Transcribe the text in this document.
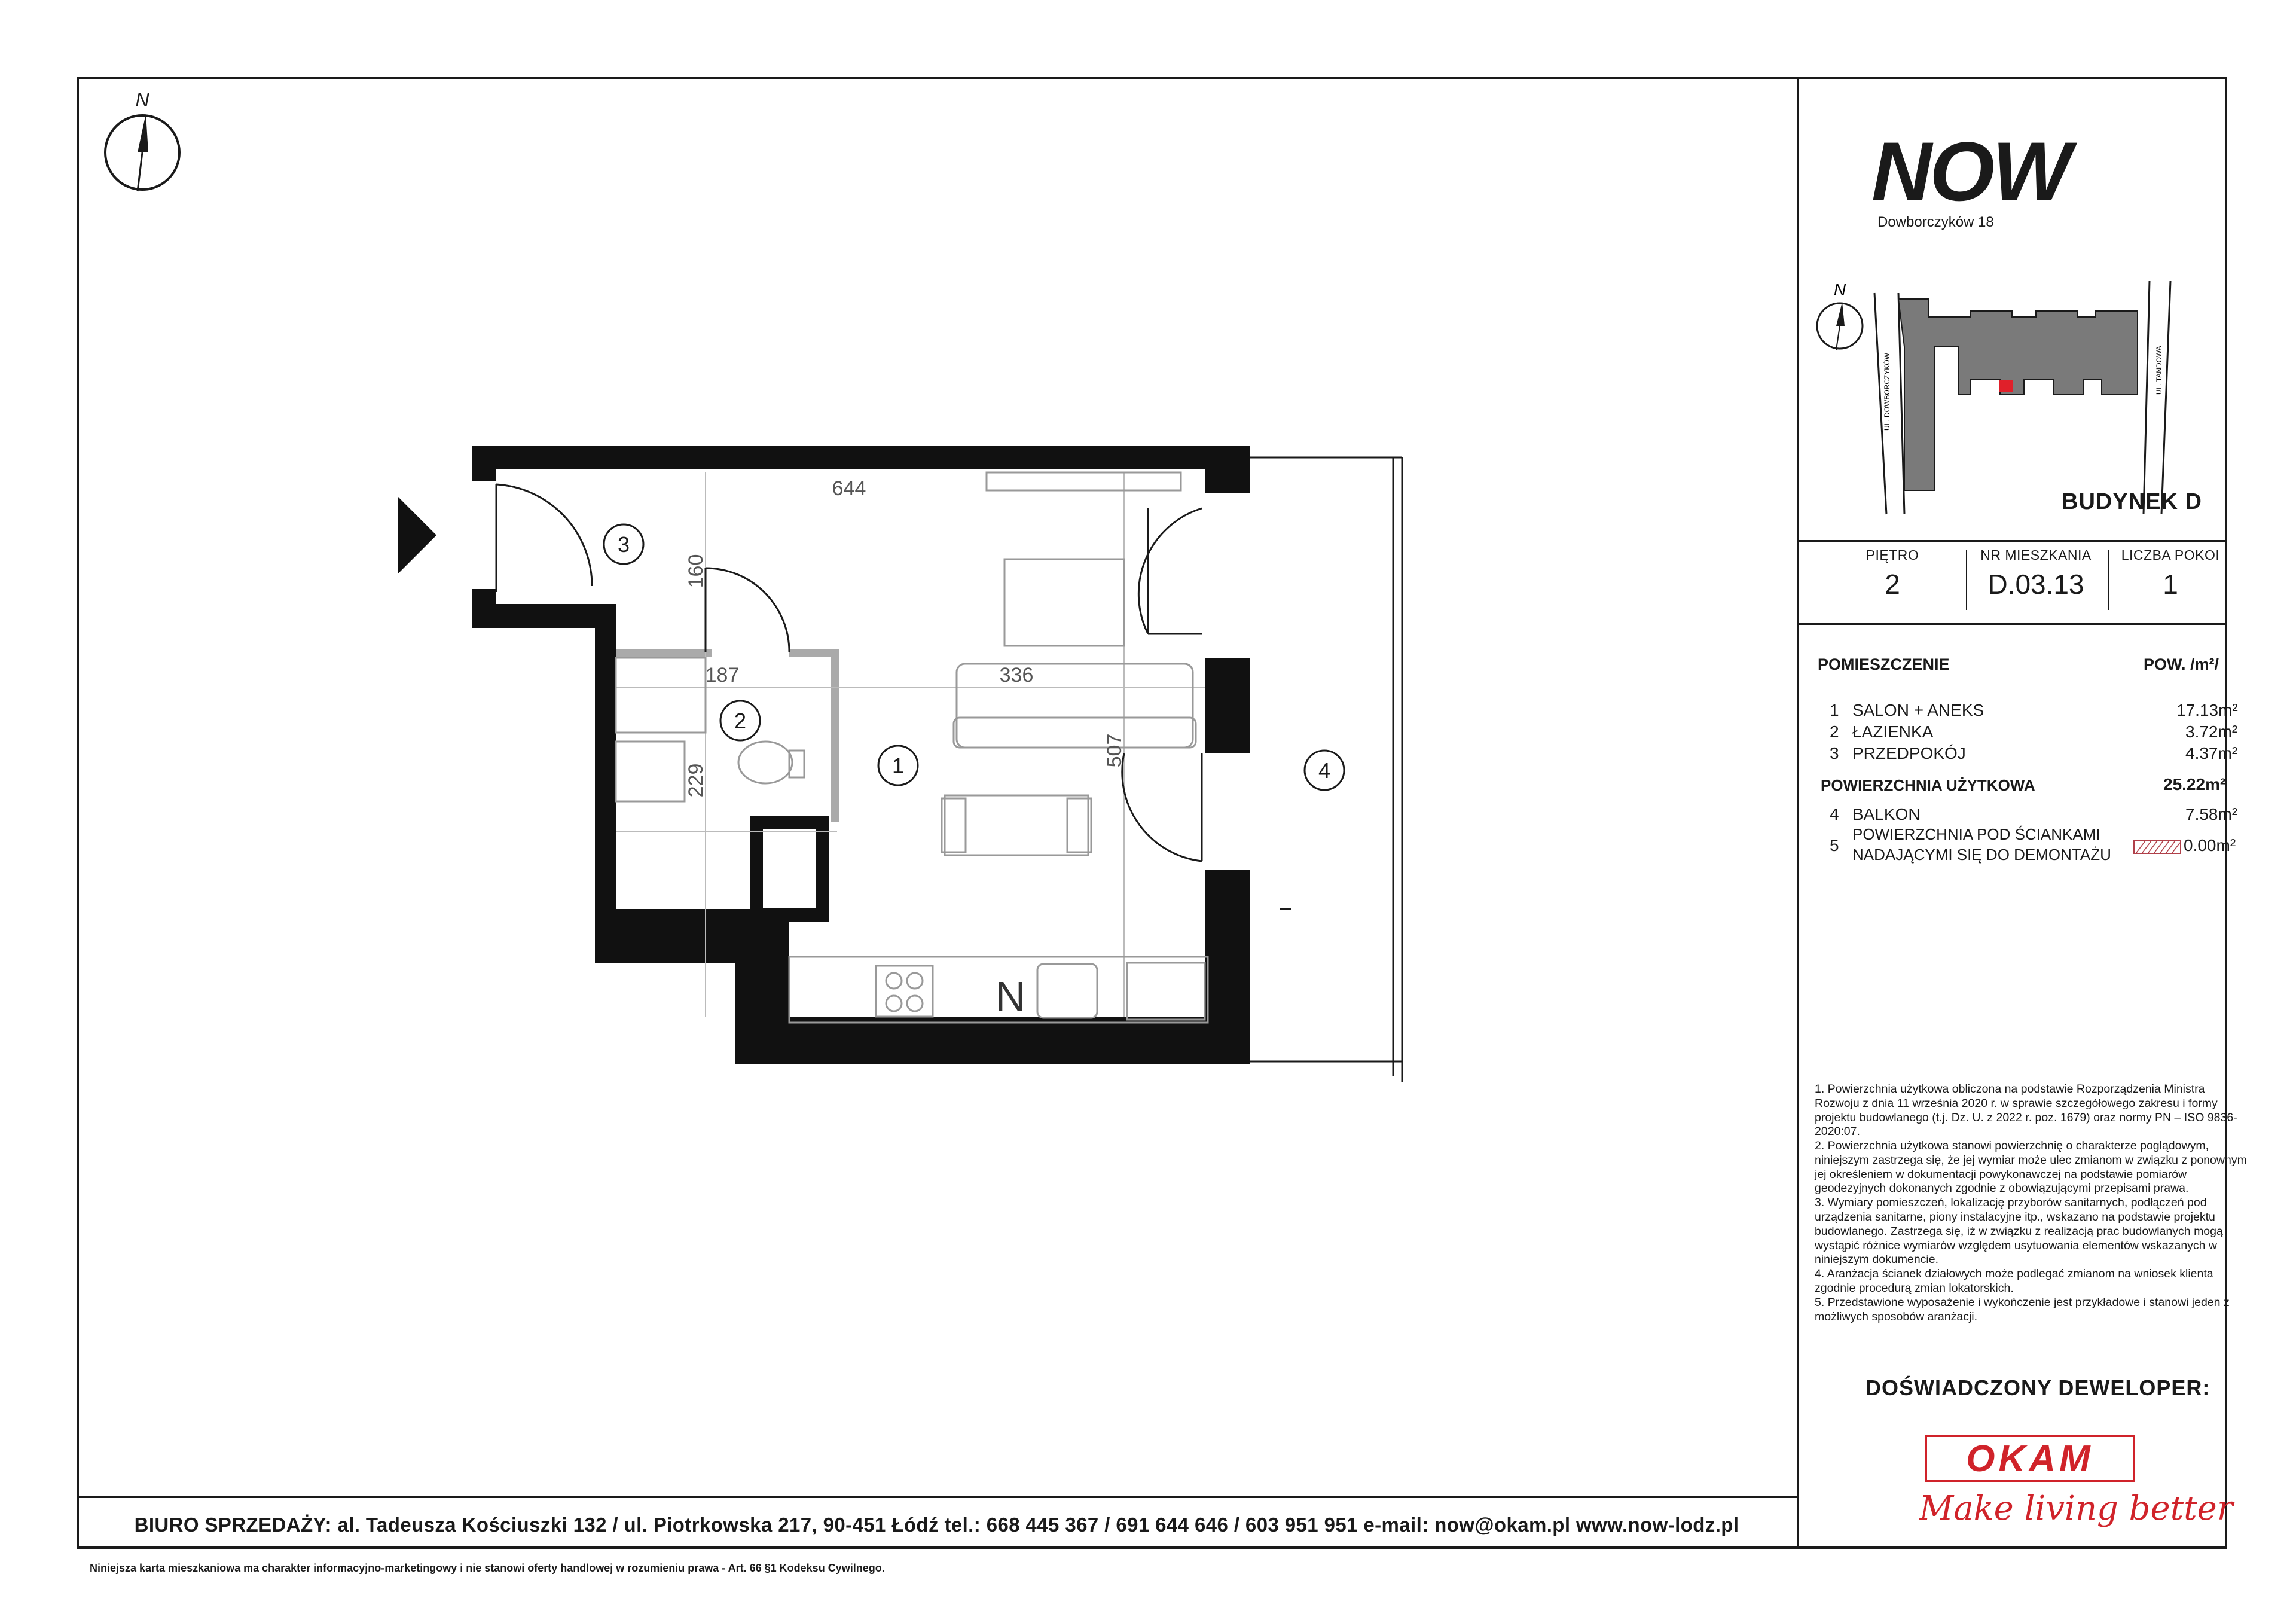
N
N
644
160
187	336
229
507
1
2
3
4
NOW
Dowborczyków 18
N
UL. DOWBORCZYKÓW	UL. TANDOWA
BUDYNEK D
PIĘTRO
2
NR MIESZKANIA
D.03.13
LICZBA POKOI
1
POMIESZCZENIE	POW. /m²/
1 SALON + ANEKS	17.13m²
2 ŁAZIENKA	3.72m²
3 PRZEDPOKÓJ	4.37m²
POWIERZCHNIA UŻYTKOWA	25.22m²
4 BALKON	7.58m²
5
POWIERZCHNIA POD ŚCIANKAMI
NADAJĄCYMI SIĘ DO DEMONTAŻU	0.00m²
1. Powierzchnia użytkowa obliczona na podstawie Rozporządzenia Ministra Rozwoju z dnia 11 września 2020 r. w sprawie szczegółowego zakresu i formy projektu budowlanego (t.j. Dz. U. z 2022 r. poz. 1679) oraz normy PN – ISO 9836-2020:07.
2. Powierzchnia użytkowa stanowi powierzchnię o charakterze poglądowym, niniejszym zastrzega się, że jej wymiar może ulec zmianom w związku z ponownym jej określeniem w dokumentacji powykonawczej na podstawie pomiarów geodezyjnych dokonanych zgodnie z obowiązującymi przepisami prawa.
3. Wymiary pomieszczeń, lokalizację przyborów sanitarnych, podłączeń pod urządzenia sanitarne, piony instalacyjne itp., wskazano na podstawie projektu budowlanego. Zastrzega się, iż w związku z realizacją prac budowlanych mogą wystąpić różnice wymiarów względem usytuowania elementów wskazanych w niniejszym dokumencie.
4. Aranżacja ścianek działowych może podlegać zmianom na wniosek klienta zgodnie procedurą zmian lokatorskich.
5. Przedstawione wyposażenie i wykończenie jest przykładowe i stanowi jeden z możliwych sposobów aranżacji.
DOŚWIADCZONY DEWELOPER:
OKAM
Make living better
BIURO SPRZEDAŻY: al. Tadeusza Kościuszki 132 / ul. Piotrkowska 217, 90-451 Łódź tel.: 668 445 367 / 691 644 646 / 603 951 951 e-mail: now@okam.pl www.now-lodz.pl
Niniejsza karta mieszkaniowa ma charakter informacyjno-marketingowy i nie stanowi oferty handlowej w rozumieniu prawa - Art. 66 §1 Kodeksu Cywilnego.
